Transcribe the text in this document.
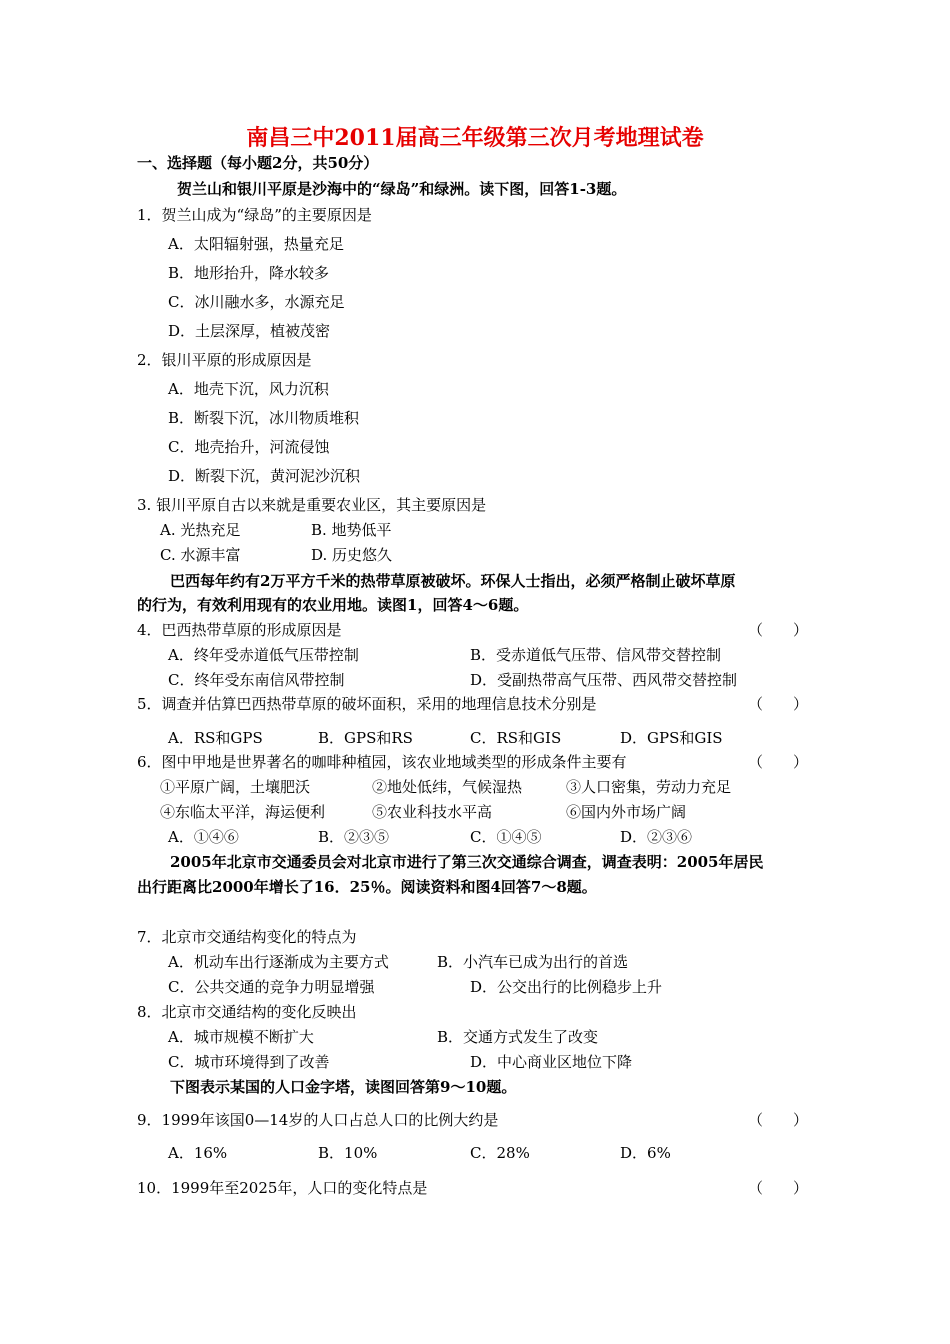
南昌三中2011届高三年级第三次月考地理试卷
一、选择题（每小题2分，共50分）
贺兰山和银川平原是沙海中的“绿岛”和绿洲。读下图，回答1-3题。
1．贺兰山成为“绿岛”的主要原因是
A．太阳辐射强，热量充足
B．地形抬升，降水较多
C．冰川融水多，水源充足
D．土层深厚，植被茂密
2．银川平原的形成原因是
A．地壳下沉，风力沉积
B．断裂下沉，冰川物质堆积
C．地壳抬升，河流侵蚀
D．断裂下沉，黄河泥沙沉积
3. 银川平原自古以来就是重要农业区，其主要原因是
A. 光热充足	B. 地势低平
C. 水源丰富	D. 历史悠久
巴西每年约有2万平方千米的热带草原被破坏。环保人士指出，必须严格制止破坏草原
的行为，有效利用现有的农业用地。读图1，回答4～6题。
4．巴西热带草原的形成原因是	（　　）
A．终年受赤道低气压带控制	B．受赤道低气压带、信风带交替控制
C．终年受东南信风带控制	D．受副热带高气压带、西风带交替控制
5．调查并估算巴西热带草原的破坏面积，采用的地理信息技术分别是	（　　）
A．RS和GPS	B．GPS和RS	C．RS和GIS	D．GPS和GIS
6．图中甲地是世界著名的咖啡种植园，该农业地域类型的形成条件主要有	（　　）
①平原广阔，土壤肥沃	②地处低纬，气候湿热	③人口密集，劳动力充足
④东临太平洋，海运便利	⑤农业科技水平高	⑥国内外市场广阔
A．①④⑥	B．②③⑤	C．①④⑤	D．②③⑥
2005年北京市交通委员会对北京市进行了第三次交通综合调查，调查表明：2005年居民
出行距离比2000年增长了16．25％。阅读资料和图4回答7～8题。
7．北京市交通结构变化的特点为
A．机动车出行逐渐成为主要方式	B．小汽车已成为出行的首选
C．公共交通的竞争力明显增强	D．公交出行的比例稳步上升
8．北京市交通结构的变化反映出
A．城市规模不断扩大	B．交通方式发生了改变
C．城市环境得到了改善	D．中心商业区地位下降
下图表示某国的人口金字塔，读图回答第9～10题。
9．1999年该国0—14岁的人口占总人口的比例大约是	（　　）
A．16%	B．10%	C．28%	D．6%
10．1999年至2025年，人口的变化特点是	（　　）
